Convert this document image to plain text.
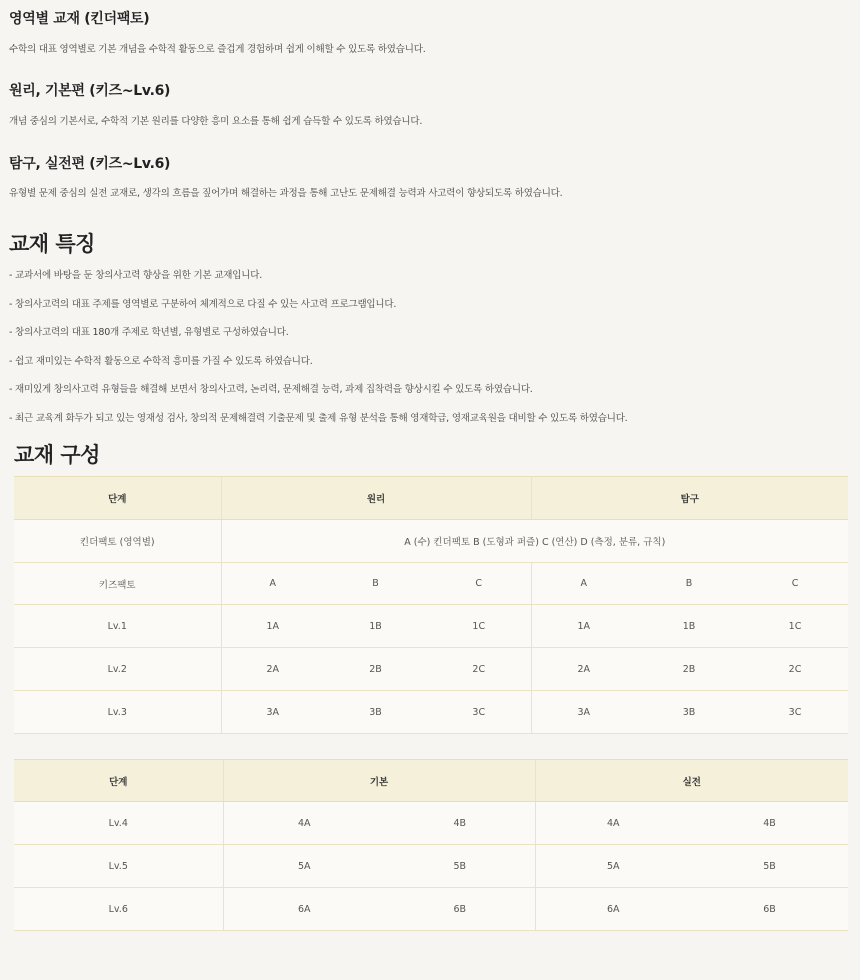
영역별 교재 (킨더팩토)

수학의 대표 영역별로 기본 개념을 수학적 활동으로 즐겁게 경험하며 쉽게 이해할 수 있도록 하였습니다.

원리, 기본편 (키즈~Lv.6)

개념 중심의 기본서로, 수학적 기본 원리를 다양한 흥미 요소를 통해 쉽게 습득할 수 있도록 하였습니다.

탐구, 실전편 (키즈~Lv.6)

유형별 문제 중심의 실전 교재로, 생각의 흐름을 짚어가며 해결하는 과정을 통해 고난도 문제해결 능력과 사고력이 향상되도록 하였습니다.

교재 특징
- 교과서에 바탕을 둔 창의사고력 향상을 위한 기본 교재입니다.
- 창의사고력의 대표 주제를 영역별로 구분하여 체계적으로 다질 수 있는 사고력 프로그램입니다.
- 창의사고력의 대표 180개 주제로 학년별, 유형별로 구성하였습니다.
- 쉽고 재미있는 수학적 활동으로 수학적 흥미를 가질 수 있도록 하였습니다.
- 재미있게 창의사고력 유형들을 해결해 보면서 창의사고력, 논리력, 문제해결 능력, 과제 집착력을 향상시킬 수 있도록 하였습니다.
- 최근 교육계 화두가 되고 있는 영재성 검사, 창의적 문제해결력 기출문제 및 출제 유형 분석을 통해 영재학급, 영재교육원을 대비할 수 있도록 하였습니다.
교재 구성
단계	원리			탐구		
킨더팩토 (영역별)	A (수) 킨더팩토 B (도형과 퍼즐) C (연산) D (측정, 분류, 규칙)					
키즈팩토	A	B	C	A	B	C
Lv.1	1A	1B	1C	1A	1B	1C
Lv.2	2A	2B	2C	2A	2B	2C
Lv.3	3A	3B	3C	3A	3B	3C
단계	기본		실전	
Lv.4	4A	4B	4A	4B
Lv.5	5A	5B	5A	5B
Lv.6	6A	6B	6A	6B
